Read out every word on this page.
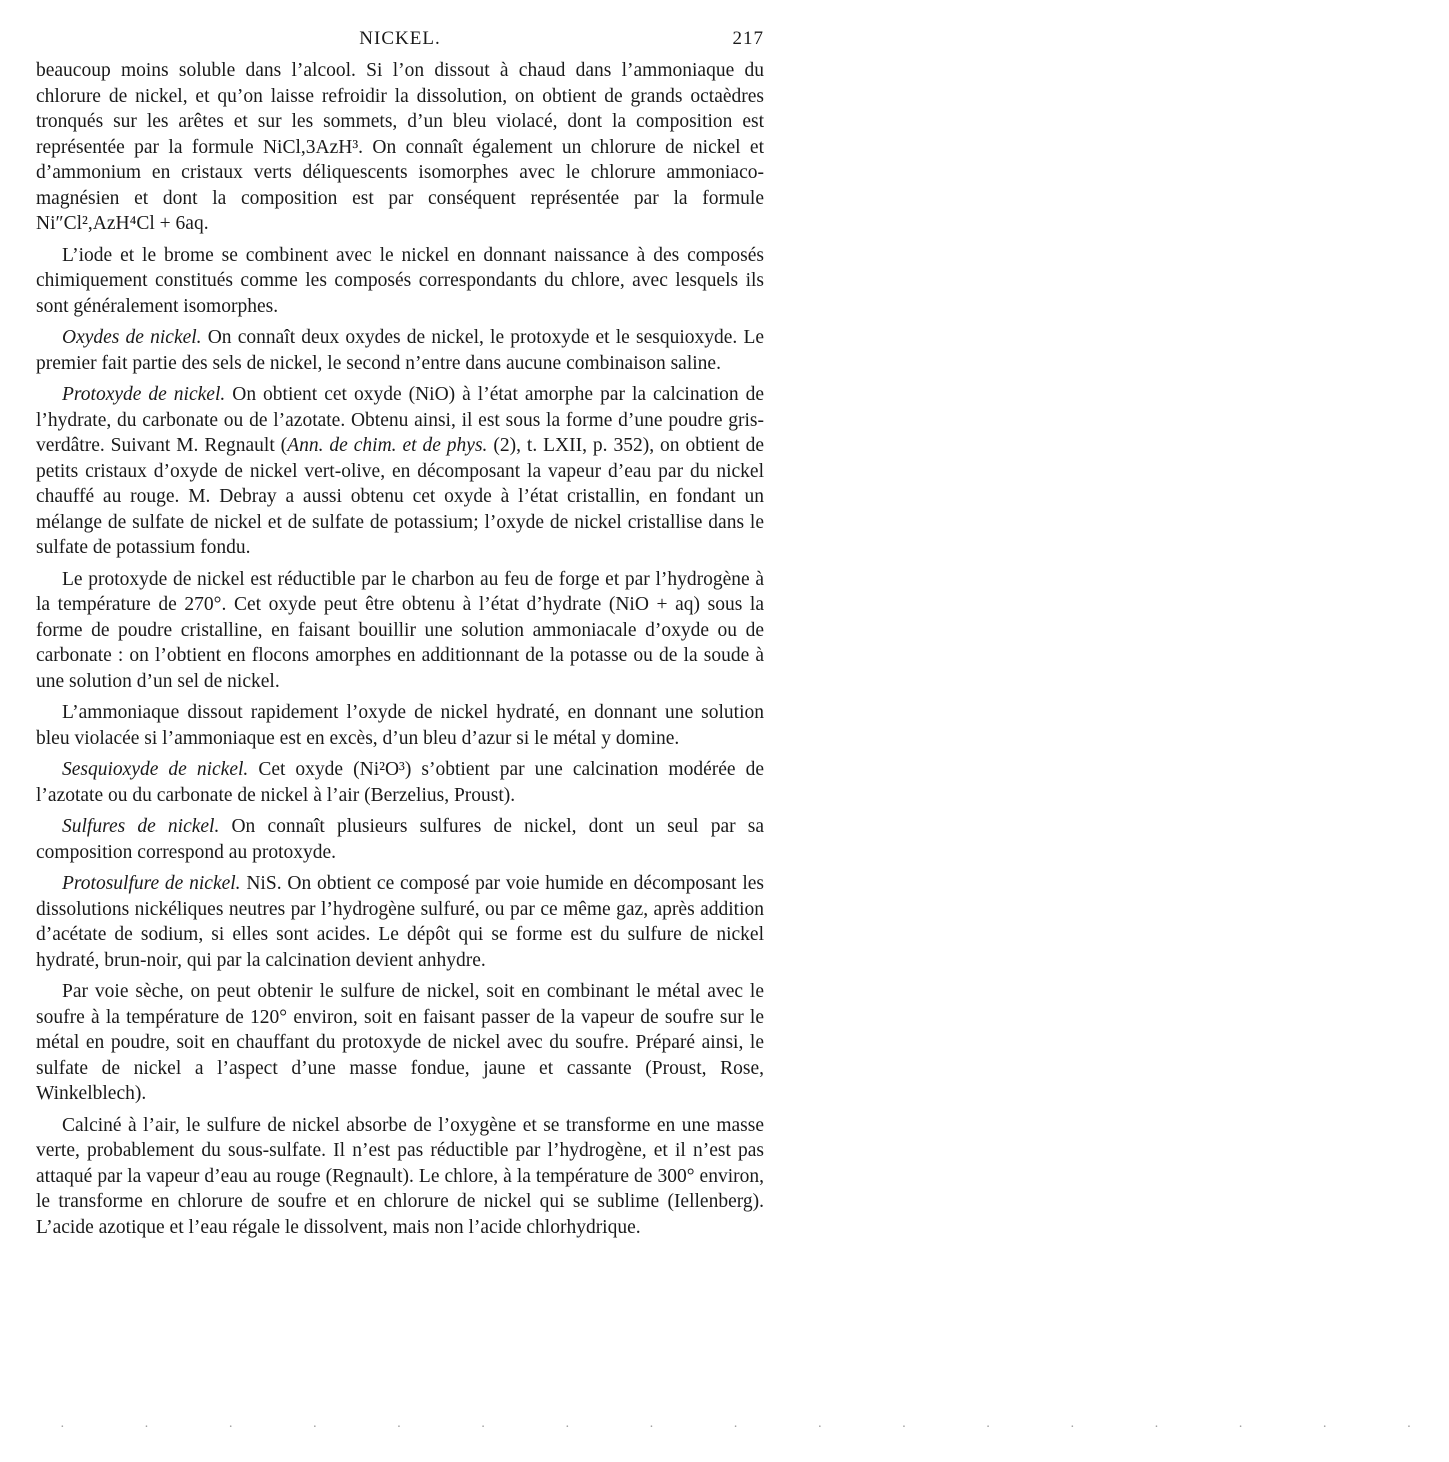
NICKEL.	217

beaucoup moins soluble dans l’alcool. Si l’on dissout à chaud dans l’ammoniaque du chlorure de nickel, et qu’on laisse refroidir la dissolution, on obtient de grands octaèdres tronqués sur les arêtes et sur les sommets, d’un bleu violacé, dont la composition est représentée par la formule NiCl,3AzH³. On connaît également un chlorure de nickel et d’ammonium en cristaux verts déliquescents isomorphes avec le chlorure ammoniaco-magnésien et dont la composition est par conséquent représentée par la formule Ni″Cl²,AzH⁴Cl + 6aq.

L’iode et le brome se combinent avec le nickel en donnant naissance à des composés chimiquement constitués comme les composés correspondants du chlore, avec lesquels ils sont généralement isomorphes.

Oxydes de nickel. On connaît deux oxydes de nickel, le protoxyde et le sesquioxyde. Le premier fait partie des sels de nickel, le second n’entre dans aucune combinaison saline.

Protoxyde de nickel. On obtient cet oxyde (NiO) à l’état amorphe par la calcination de l’hydrate, du carbonate ou de l’azotate. Obtenu ainsi, il est sous la forme d’une poudre gris-verdâtre. Suivant M. Regnault (Ann. de chim. et de phys. (2), t. LXII, p. 352), on obtient de petits cristaux d’oxyde de nickel vert-olive, en décomposant la vapeur d’eau par du nickel chauffé au rouge. M. Debray a aussi obtenu cet oxyde à l’état cristallin, en fondant un mélange de sulfate de nickel et de sulfate de potassium; l’oxyde de nickel cristallise dans le sulfate de potassium fondu.

Le protoxyde de nickel est réductible par le charbon au feu de forge et par l’hydrogène à la température de 270°. Cet oxyde peut être obtenu à l’état d’hydrate (NiO + aq) sous la forme de poudre cristalline, en faisant bouillir une solution ammoniacale d’oxyde ou de carbonate : on l’obtient en flocons amorphes en additionnant de la potasse ou de la soude à une solution d’un sel de nickel.

L’ammoniaque dissout rapidement l’oxyde de nickel hydraté, en donnant une solution bleu violacée si l’ammoniaque est en excès, d’un bleu d’azur si le métal y domine.

Sesquioxyde de nickel. Cet oxyde (Ni²O³) s’obtient par une calcination modérée de l’azotate ou du carbonate de nickel à l’air (Berzelius, Proust).

Sulfures de nickel. On connaît plusieurs sulfures de nickel, dont un seul par sa composition correspond au protoxyde.

Protosulfure de nickel. NiS. On obtient ce composé par voie humide en décomposant les dissolutions nickéliques neutres par l’hydrogène sulfuré, ou par ce même gaz, après addition d’acétate de sodium, si elles sont acides. Le dépôt qui se forme est du sulfure de nickel hydraté, brun-noir, qui par la calcination devient anhydre.

Par voie sèche, on peut obtenir le sulfure de nickel, soit en combinant le métal avec le soufre à la température de 120° environ, soit en faisant passer de la vapeur de soufre sur le métal en poudre, soit en chauffant du protoxyde de nickel avec du soufre. Préparé ainsi, le sulfate de nickel a l’aspect d’une masse fondue, jaune et cassante (Proust, Rose, Winkelblech).

Calciné à l’air, le sulfure de nickel absorbe de l’oxygène et se transforme en une masse verte, probablement du sous-sulfate. Il n’est pas réductible par l’hydrogène, et il n’est pas attaqué par la vapeur d’eau au rouge (Regnault). Le chlore, à la température de 300° environ, le transforme en chlorure de soufre et en chlorure de nickel qui se sublime (Iellenberg). L’acide azotique et l’eau régale le dissolvent, mais non l’acide chlorhydrique.

· · · · · · · · · · · · · · · · ·
